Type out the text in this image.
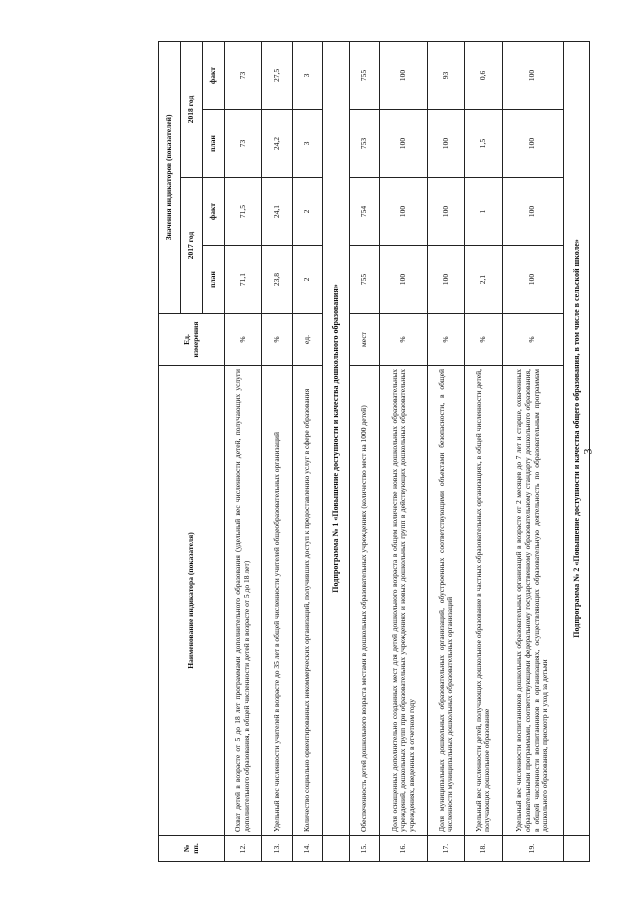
3
№ пп.	Наименование индикатора (показателя)	Ед. измерения	Значения индикаторов (показателей)			
			2017 год		2018 год	
			план	факт	план	факт
12.	Охват детей в возрасте от 5 до 18 лет программами дополнительного образования (удельный вес численности детей, получающих услуги дополнительного образования, в общей численности детей в возрасте от 5 до 18 лет)	%	71,1	71,5	73	73
13.	Удельный вес численности учителей в возрасте до 35 лет в общей численности учителей общеобразовательных организаций	%	23,8	24,1	24,2	27,5
14.	Количество социально ориентированных некоммерческих организаций, получивших доступ к предоставлению услуг в сфере образования	ед.	2	2	3	3
	Подпрограмма № 1 «Повышение доступности и качества дошкольного образования»					
15.	Обеспеченность детей дошкольного возраста местами в дошкольных образовательных учреждениях (количество мест на 1000 детей)	мест	755	754	753	755
16.	Доля оснащенных дополнительно созданных мест для детей дошкольного возраста в общем количестве новых дошкольных образовательных учреждений, дошкольных групп при образовательных учреждениях и новых дошкольных групп в действующих дошкольных образовательных учреждениях, введенных в отчетном году	%	100	100	100	100
17.	Доля муниципальных дошкольных образовательных организаций, обустроенных соответствующими объектами безопасности, в общей численности муниципальных дошкольных образовательных организаций	%	100	100	100	93
18.	Удельный вес численности детей, получающих дошкольное образование в частных образовательных организациях, в общей численности детей, получающих дошкольное образование	%	2,1	1	1,5	0,6
19.	Удельный вес численности воспитанников дошкольных образовательных организаций в возрасте от 2 месяцев до 7 лет и старше, охваченных образовательными программами, соответствующими федеральному государственному образовательному стандарту дошкольного образования, в общей численности воспитанников в организациях, осуществляющих образовательную деятельность по образовательным программам дошкольного образования, присмотр и уход за детьми	%	100	100	100	100
	Подпрограмма № 2 «Повышение доступности и качества общего образования, в том числе в сельской школе»					
